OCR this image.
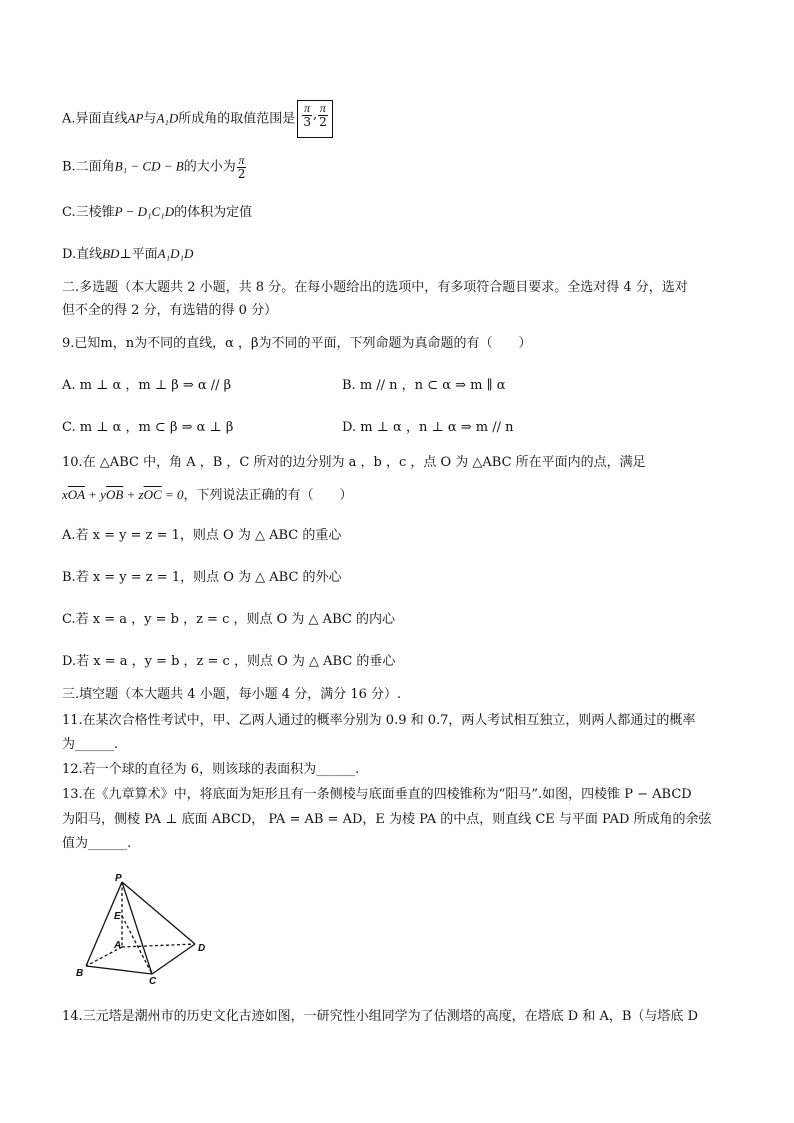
A.异面直线AP与A₁D所成角的取值范围是 $\frac{\pi}{3}$ , $\frac{\pi}{2}$
B.二面角B₁ − CD − B的大小为 $\frac{\pi}{2}$
C.三棱锥P − D₁C₁D的体积为定值
D.直线BD⊥平面A₁D₁D
二.多选题（本大题共 2 小题，共 8 分。在每小题给出的选项中，有多项符合题目要求。全选对得 4 分，选对
但不全的得 2 分，有选错的得 0 分）
9.已知m，n为不同的直线，α ，β为不同的平面，下列命题为真命题的有（　　）
A. m ⊥ α ，m ⊥ β ⇒ α // β	B. m // n ，n ⊂ α ⇒ m ∥ α
C. m ⊥ α ，m ⊂ β ⇒ α ⊥ β	D. m ⊥ α ，n ⊥ α ⇒ m // n
10.在 △ABC 中，角 A ，B ，C 所对的边分别为 a ，b ，c ，点 O 为 △ABC 所在平面内的点，满足
$x\overline{OA} + y\overline{OB} + z\overline{OC} = 0$，下列说法正确的有（　　）
A.若 x = y = z = 1，则点 O 为 △ ABC 的重心
B.若 x = y = z = 1，则点 O 为 △ ABC 的外心
C.若 x = a ，y = b ，z = c ，则点 O 为 △ ABC 的内心
D.若 x = a ，y = b ，z = c ，则点 O 为 △ ABC 的垂心
三.填空题（本大题共 4 小题，每小题 4 分，满分 16 分）.
11.在某次合格性考试中，甲、乙两人通过的概率分别为 0.9 和 0.7，两人考试相互独立，则两人都通过的概率
为______.
12.若一个球的直径为 6，则该球的表面积为______.
13.在《九章算术》中，将底面为矩形且有一条侧棱与底面垂直的四棱锥称为“阳马”.如图，四棱锥 P − ABCD
为阳马，侧棱 PA ⊥ 底面 ABCD， PA = AB = AD，E 为棱 PA 的中点，则直线 CE 与平面 PAD 所成角的余弦
值为______.
P
E
A
B
C
D
14.三元塔是潮州市的历史文化古迹如图，一研究性小组同学为了估测塔的高度，在塔底 D 和 A，B（与塔底 D
